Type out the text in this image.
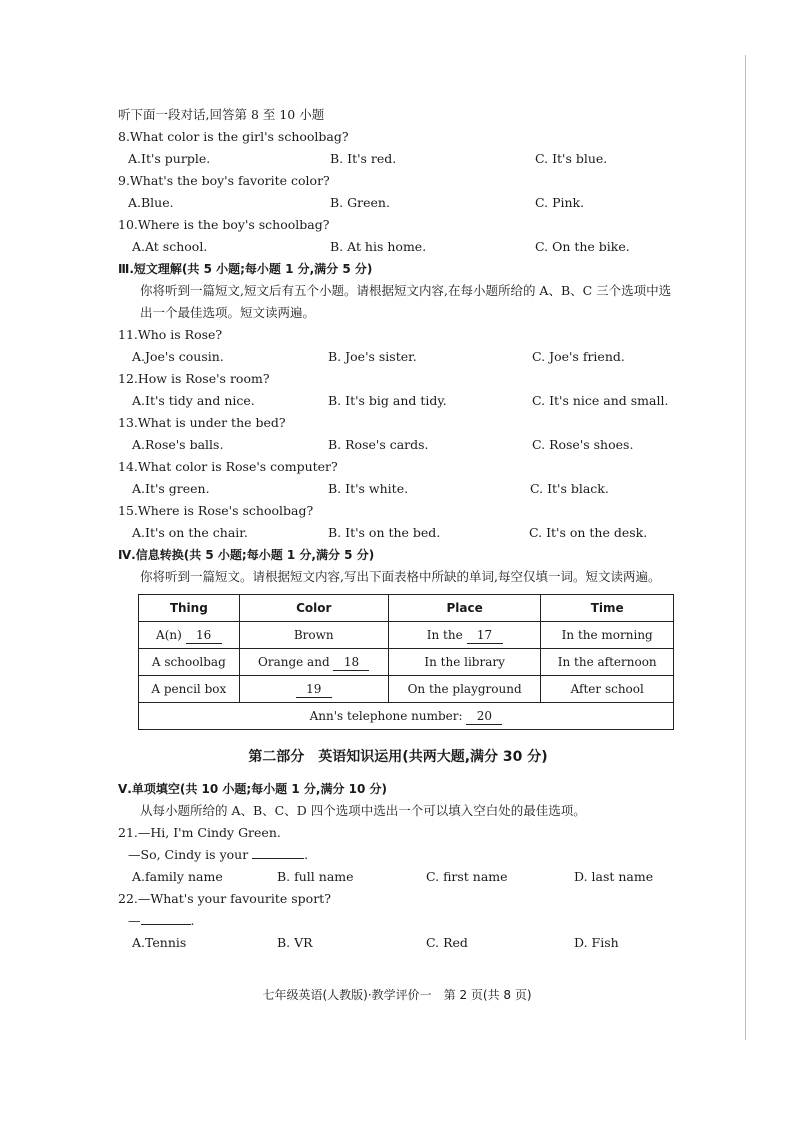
听下面一段对话,回答第 8 至 10 小题
8.What color is the girl's schoolbag?
A.It's purple.	B. It's red.	C. It's blue.
9.What's the boy's favorite color?
A.Blue.	B. Green.	C. Pink.
10.Where is the boy's schoolbag?
A.At school.	B. At his home.	C. On the bike.
Ⅲ.短文理解(共 5 小题;每小题 1 分,满分 5 分)
你将听到一篇短文,短文后有五个小题。请根据短文内容,在每小题所给的 A、B、C 三个选项中选出一个最佳选项。短文读两遍。
11.Who is Rose?
A.Joe's cousin.	B. Joe's sister.	C. Joe's friend.
12.How is Rose's room?
A.It's tidy and nice.	B. It's big and tidy.	C. It's nice and small.
13.What is under the bed?
A.Rose's balls.	B. Rose's cards.	C. Rose's shoes.
14.What color is Rose's computer?
A.It's green.	B. It's white.	C. It's black.
15.Where is Rose's schoolbag?
A.It's on the chair.	B. It's on the bed.	C. It's on the desk.
Ⅳ.信息转换(共 5 小题;每小题 1 分,满分 5 分)
你将听到一篇短文。请根据短文内容,写出下面表格中所缺的单词,每空仅填一词。短文读两遍。
Thing	Color	Place	Time
A(n) 16	Brown	In the 17	In the morning
A schoolbag	Orange and 18	In the library	In the afternoon
A pencil box	19	On the playground	After school
Ann's telephone number: 20			
第二部分　英语知识运用(共两大题,满分 30 分)
Ⅴ.单项填空(共 10 小题;每小题 1 分,满分 10 分)
从每小题所给的 A、B、C、D 四个选项中选出一个可以填入空白处的最佳选项。
21.—Hi, I'm Cindy Green.
—So, Cindy is your	.
A.family name	B. full name	C. first name	D. last name
22.—What's your favourite sport?
—	.
A.Tennis	B. VR	C. Red	D. Fish
七年级英语(人教版)·教学评价一　第 2 页(共 8 页)
